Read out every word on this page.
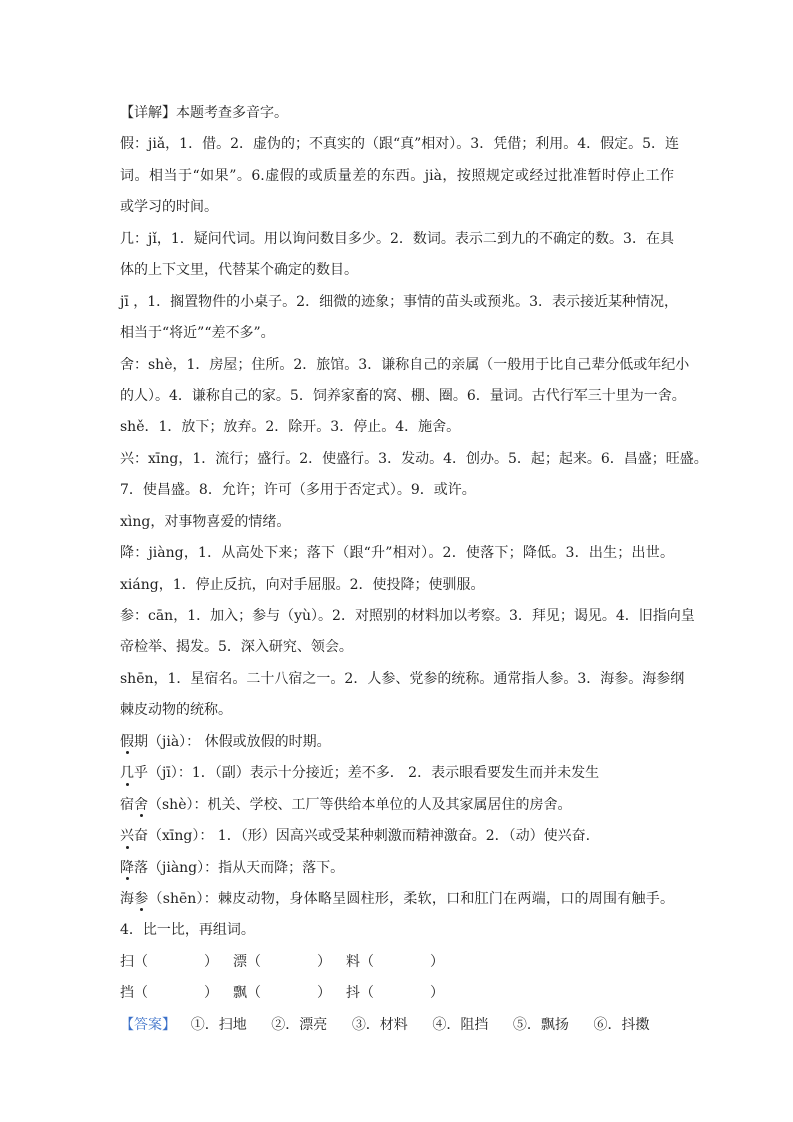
【详解】本题考查多音字。
假：jiǎ，1．借。2．虚伪的；不真实的（跟“真”相对）。3．凭借；利用。4．假定。5．连
词。相当于“如果”。6.虚假的或质量差的东西。jià，按照规定或经过批准暂时停止工作
或学习的时间。
几：jǐ，1．疑问代词。用以询问数目多少。2．数词。表示二到九的不确定的数。3．在具
体的上下文里，代替某个确定的数目。
jī ，1．搁置物件的小桌子。2．细微的迹象；事情的苗头或预兆。3．表示接近某种情况，
相当于“将近”“差不多”。
舍：shè，1．房屋；住所。2．旅馆。3．谦称自己的亲属（一般用于比自己辈分低或年纪小
的人）。4．谦称自己的家。5．饲养家畜的窝、棚、圈。6．量词。古代行军三十里为一舍。
shě．1．放下；放弃。2．除开。3．停止。4．施舍。
兴：xīng，1．流行；盛行。2．使盛行。3．发动。4．创办。5．起；起来。6．昌盛；旺盛。
7．使昌盛。8．允许；许可（多用于否定式）。9．或许。
xìng，对事物喜爱的情绪。
降：jiàng，1．从高处下来；落下（跟“升”相对）。2．使落下；降低。3．出生；出世。
xiáng，1．停止反抗，向对手屈服。2．使投降；使驯服。
参：cān，1．加入；参与（yù）。2．对照别的材料加以考察。3．拜见；谒见。4．旧指向皇
帝检举、揭发。5．深入研究、领会。
shēn，1．星宿名。二十八宿之一。2．人参、党参的统称。通常指人参。3．海参。海参纲
棘皮动物的统称。
假期（jià）： 休假或放假的时期。
几乎（jī）：1．（副）表示十分接近；差不多． 2．表示眼看要发生而并未发生
宿舍（shè）：机关、学校、工厂等供给本单位的人及其家属居住的房舍。
兴奋（xīng）： 1．（形）因高兴或受某种刺激而精神激奋。2．（动）使兴奋.
降落（jiàng）：指从天而降；落下。
海参（shēn）：棘皮动物，身体略呈圆柱形，柔软，口和肛门在两端，口的周围有触手。
4．比一比，再组词。
扫（　　　　）	漂（　　　　）	料（　　　　）
挡（　　　　）	飘（　　　　）	抖（　　　　）
【答案】	①．扫地	②．漂亮	③．材料	④．阻挡	⑤．飘扬	⑥．抖擞
